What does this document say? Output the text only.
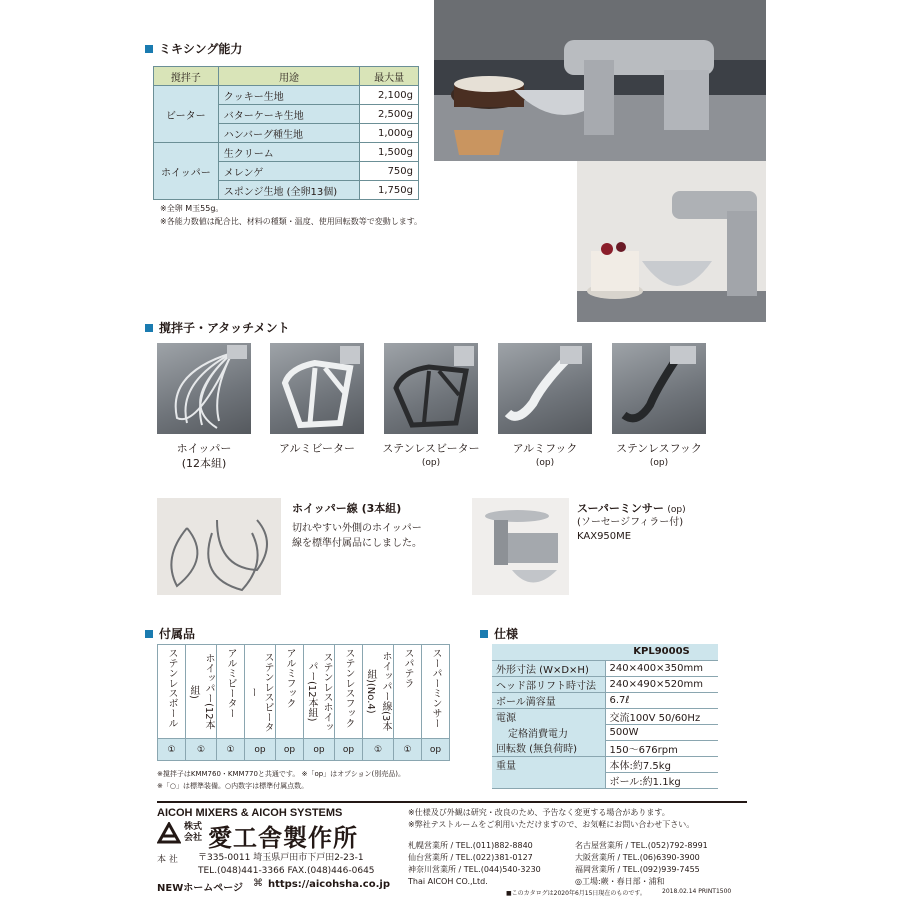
ミキシング能力
撹拌子	用途	最大量
ビーター	クッキー生地	2,100g
	バターケーキ生地	2,500g
	ハンバーグ種生地	1,000g
ホイッパー	生クリーム	1,500g
	メレンゲ	750g
	スポンジ生地 (全卵13個)	1,750g
※全卵 M玉55g。
※各能力数値は配合比、材料の種類・温度、使用回転数等で変動します。
撹拌子・アタッチメント
ホイッパー
(12本組)
アルミビーター	ステンレスビーター
(op)
アルミフック
(op)
ステンレスフック
(op)
ホイッパー線 (3本組)
切れやすい外側のホイッパー
線を標準付属品にしました。
スーパーミンサー (op)
(ソーセージフィラー付)
KAX950ME
付属品
ステンレスボール	ホイッパー(12本組)	アルミビーター	ステンレスビーター	アルミフック	ステンレスホイッパー(12本組)	ステンレスフック	ホイッパー線(3本組)(No.4)	スパテラ	スーパーミンサー
①	①	①	op	op	op	op	①	①	op
※撹拌子はKMM760・KMM770と共通です。 ※「op」はオプション(別売品)。
※「○」は標準装備。○内数字は標準付属点数。
仕様
	KPL9000S
外形寸法 (W×D×H)	240×400×350mm
ヘッド部リフト時寸法	240×490×520mm
ボール満容量	6.7ℓ
電源	交流100V 50/60Hz
定格消費電力	500W
回転数 (無負荷時)	150〜676rpm
重量	本体:約7.5kg
	ボール:約1.1kg
AICOH MIXERS & AICOH SYSTEMS
株式
会社 愛工舎製作所
本 社 〒335-0011 埼玉県戸田市下戸田2-23-1
TEL.(048)441-3366 FAX.(048)446-0645
NEWホームページ ⌘ https://aicohsha.co.jp
※仕様及び外観は研究・改良のため、予告なく変更する場合があります。
※弊社テストルームをご利用いただけますので、お気軽にお問い合わせ下さい。
札幌営業所 / TEL.(011)882-8840
仙台営業所 / TEL.(022)381-0127
神奈川営業所 / TEL.(044)540-3230
Thai AICOH CO.,Ltd.
名古屋営業所 / TEL.(052)792-8991
大阪営業所 / TEL.(06)6390-3900
福岡営業所 / TEL.(092)939-7455
◎工場:蕨・春日部・浦和
■このカタログは2020年6月15日現在のものです。	2018.02.14 PRINT1500
